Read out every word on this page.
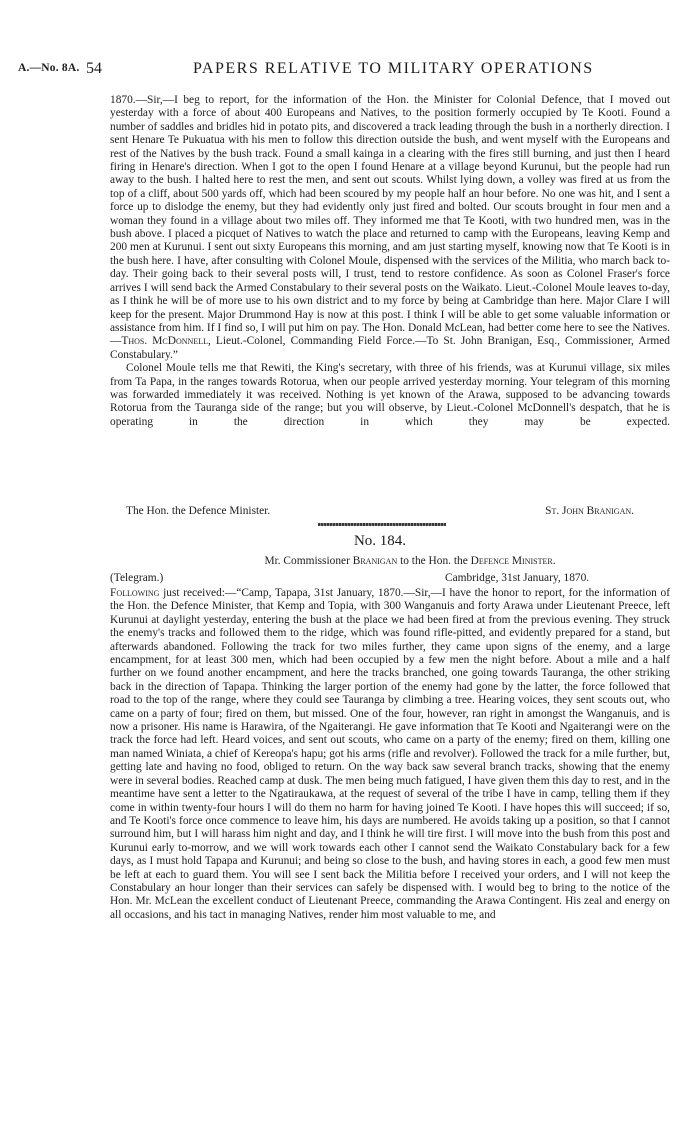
A.—No. 8A. 54	PAPERS RELATIVE TO MILITARY OPERATIONS

1870.—Sir,—I beg to report, for the information of the Hon. the Minister for Colonial Defence, that I moved out yesterday with a force of about 400 Europeans and Natives, to the position formerly occupied by Te Kooti. Found a number of saddles and bridles hid in potato pits, and discovered a track leading through the bush in a northerly direction. I sent Henare Te Pukuatua with his men to follow this direction outside the bush, and went myself with the Europeans and rest of the Natives by the bush track. Found a small kainga in a clearing with the fires still burning, and just then I heard firing in Henare's direction. When I got to the open I found Henare at a village beyond Kurunui, but the people had run away to the bush. I halted here to rest the men, and sent out scouts. Whilst lying down, a volley was fired at us from the top of a cliff, about 500 yards off, which had been scoured by my people half an hour before. No one was hit, and I sent a force up to dislodge the enemy, but they had evidently only just fired and bolted. Our scouts brought in four men and a woman they found in a village about two miles off. They informed me that Te Kooti, with two hundred men, was in the bush above. I placed a picquet of Natives to watch the place and returned to camp with the Europeans, leaving Kemp and 200 men at Kurunui. I sent out sixty Europeans this morning, and am just starting myself, knowing now that Te Kooti is in the bush here. I have, after consulting with Colonel Moule, dispensed with the services of the Militia, who march back to-day. Their going back to their several posts will, I trust, tend to restore confidence. As soon as Colonel Fraser's force arrives I will send back the Armed Constabulary to their several posts on the Waikato. Lieut.-Colonel Moule leaves to-day, as I think he will be of more use to his own district and to my force by being at Cambridge than here. Major Clare I will keep for the present. Major Drummond Hay is now at this post. I think I will be able to get some valuable information or assistance from him. If I find so, I will put him on pay. The Hon. Donald McLean, had better come here to see the Natives.—Thos. McDonnell, Lieut.-Colonel, Commanding Field Force.—To St. John Branigan, Esq., Commissioner, Armed Constabulary.”

Colonel Moule tells me that Rewiti, the King's secretary, with three of his friends, was at Kurunui village, six miles from Ta Papa, in the ranges towards Rotorua, when our people arrived yesterday morning. Your telegram of this morning was forwarded immediately it was received. Nothing is yet known of the Arawa, supposed to be advancing towards Rotorua from the Tauranga side of the range; but you will observe, by Lieut.-Colonel McDonnell's despatch, that he is operating in the direction in which they may be expected.

The Hon. the Defence Minister.	St. John Branigan.
No. 184.
Mr. Commissioner Branigan to the Hon. the Defence Minister.
(Telegram.)	Cambridge, 31st January, 1870.

Following just received:—“Camp, Tapapa, 31st January, 1870.—Sir,—I have the honor to report, for the information of the Hon. the Defence Minister, that Kemp and Topia, with 300 Wanganuis and forty Arawa under Lieutenant Preece, left Kurunui at daylight yesterday, entering the bush at the place we had been fired at from the previous evening. They struck the enemy's tracks and followed them to the ridge, which was found rifle-pitted, and evidently prepared for a stand, but afterwards abandoned. Following the track for two miles further, they came upon signs of the enemy, and a large encampment, for at least 300 men, which had been occupied by a few men the night before. About a mile and a half further on we found another encampment, and here the tracks branched, one going towards Tauranga, the other striking back in the direction of Tapapa. Thinking the larger portion of the enemy had gone by the latter, the force followed that road to the top of the range, where they could see Tauranga by climbing a tree. Hearing voices, they sent scouts out, who came on a party of four; fired on them, but missed. One of the four, however, ran right in amongst the Wanganuis, and is now a prisoner. His name is Harawira, of the Ngaiterangi. He gave information that Te Kooti and Ngaiterangi were on the track the force had left. Heard voices, and sent out scouts, who came on a party of the enemy; fired on them, killing one man named Winiata, a chief of Kereopa's hapu; got his arms (rifle and revolver). Followed the track for a mile further, but, getting late and having no food, obliged to return. On the way back saw several branch tracks, showing that the enemy were in several bodies. Reached camp at dusk. The men being much fatigued, I have given them this day to rest, and in the meantime have sent a letter to the Ngatiraukawa, at the request of several of the tribe I have in camp, telling them if they come in within twenty-four hours I will do them no harm for having joined Te Kooti. I have hopes this will succeed; if so, and Te Kooti's force once commence to leave him, his days are numbered. He avoids taking up a position, so that I cannot surround him, but I will harass him night and day, and I think he will tire first. I will move into the bush from this post and Kurunui early to-morrow, and we will work towards each other I cannot send the Waikato Constabulary back for a few days, as I must hold Tapapa and Kurunui; and being so close to the bush, and having stores in each, a good few men must be left at each to guard them. You will see I sent back the Militia before I received your orders, and I will not keep the Constabulary an hour longer than their services can safely be dispensed with. I would beg to bring to the notice of the Hon. Mr. McLean the excellent conduct of Lieutenant Preece, commanding the Arawa Contingent. His zeal and energy on all occasions, and his tact in managing Natives, render him most valuable to me, and
